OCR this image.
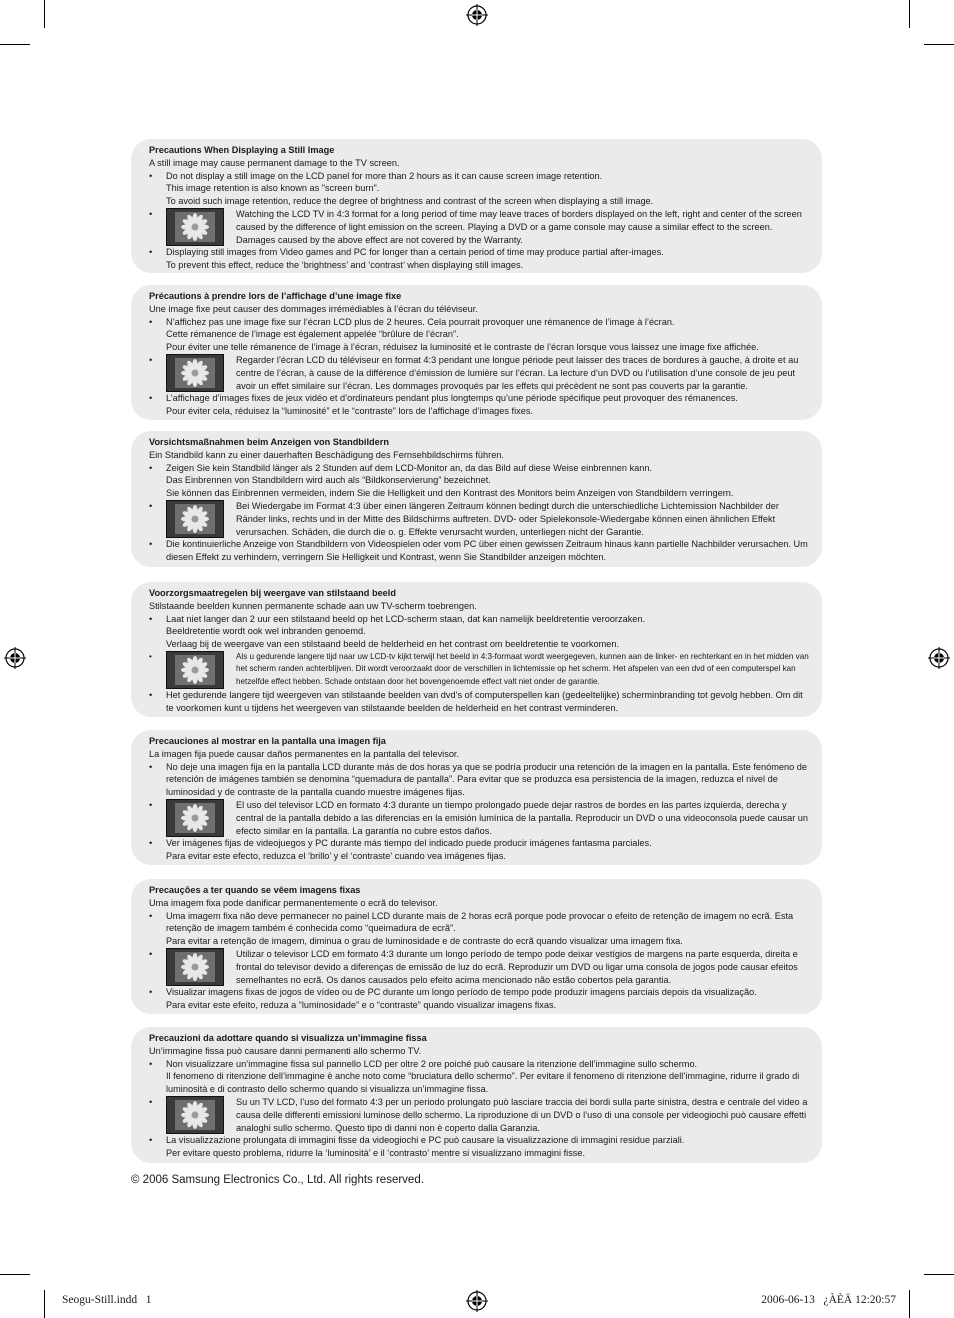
Precautions When Displaying a Still Image
A still image may cause permanent damage to the TV screen.
• Do not display a still image on the LCD panel for more than 2 hours as it can cause screen image retention.
This image retention is also known as "screen burn".
To avoid such image retention, reduce the degree of brightness and contrast of the screen when displaying a still image.
•	Watching the LCD TV in 4:3 format for a long period of time may leave traces of borders displayed on the left, right and center of the screen caused by the difference of light emission on the screen. Playing a DVD or a game console may cause a similar effect to the screen. Damages caused by the above effect are not covered by the Warranty.
• Displaying still images from Video games and PC for longer than a certain period of time may produce partial after-images.
To prevent this effect, reduce the ‘brightness’ and ‘contrast’ when displaying still images.
Précautions à prendre lors de l’affichage d’une image fixe
Une image fixe peut causer des dommages irrémédiables à l’écran du téléviseur.
• N’affichez pas une image fixe sur l’écran LCD plus de 2 heures. Cela pourrait provoquer une rémanence de l’image à l’écran.
Cette rémanence de l’image est également appelée “brûlure de l’écran”.
Pour éviter une telle rémanence de l’image à l’écran, réduisez la luminosité et le contraste de l’écran lorsque vous laissez une image fixe affichée.
•	Regarder l’écran LCD du téléviseur en format 4:3 pendant une longue période peut laisser des traces de bordures à gauche, à droite et au centre de l’écran, à cause de la différence d’émission de lumière sur l’écran. La lecture d’un DVD ou l’utilisation d’une console de jeu peut avoir un effet similaire sur l’écran. Les dommages provoqués par les effets qui précèdent ne sont pas couverts par la garantie.
• L’affichage d’images fixes de jeux vidéo et d’ordinateurs pendant plus longtemps qu’une période spécifique peut provoquer des rémanences.
Pour éviter cela, réduisez la “luminosité” et le “contraste” lors de l’affichage d’images fixes.
Vorsichtsmaßnahmen beim Anzeigen von Standbildern
Ein Standbild kann zu einer dauerhaften Beschädigung des Fernsehbildschirms führen.
• Zeigen Sie kein Standbild länger als 2 Stunden auf dem LCD-Monitor an, da das Bild auf diese Weise einbrennen kann.
Das Einbrennen von Standbildern wird auch als “Bildkonservierung” bezeichnet.
Sie können das Einbrennen vermeiden, indem Sie die Helligkeit und den Kontrast des Monitors beim Anzeigen von Standbildern verringern.
•	Bei Wiedergabe im Format 4:3 über einen längeren Zeitraum können bedingt durch die unterschiedliche Lichtemission Nachbilder der Ränder links, rechts und in der Mitte des Bildschirms auftreten. DVD- oder Spielekonsole-Wiedergabe können einen ähnlichen Effekt verursachen. Schäden, die durch die o. g. Effekte verursacht wurden, unterliegen nicht der Garantie.
• Die kontinuierliche Anzeige von Standbildern von Videospielen oder vom PC über einen gewissen Zeitraum hinaus kann partielle Nachbilder verursachen. Um diesen Effekt zu verhindern, verringern Sie Helligkeit und Kontrast, wenn Sie Standbilder anzeigen möchten.
Voorzorgsmaatregelen bij weergave van stilstaand beeld
Stilstaande beelden kunnen permanente schade aan uw TV-scherm toebrengen.
• Laat niet langer dan 2 uur een stilstaand beeld op het LCD-scherm staan, dat kan namelijk beeldretentie veroorzaken.
Beeldretentie wordt ook wel inbranden genoemd.
Verlaag bij de weergave van een stilstaand beeld de helderheid en het contrast om beeldretentie te voorkomen.
•	Als u gedurende langere tijd naar uw LCD-tv kijkt terwijl het beeld in 4:3-formaat wordt weergegeven, kunnen aan de linker- en rechterkant en in het midden van het scherm randen achterblijven. Dit wordt veroorzaakt door de verschillen in lichtemissie op het scherm. Het afspelen van een dvd of een computerspel kan hetzelfde effect hebben. Schade ontstaan door het bovengenoemde effect valt niet onder de garantie.
• Het gedurende langere tijd weergeven van stilstaande beelden van dvd’s of computerspellen kan (gedeeltelijke) scherminbranding tot gevolg hebben. Om dit te voorkomen kunt u tijdens het weergeven van stilstaande beelden de helderheid en het contrast verminderen.
Precauciones al mostrar en la pantalla una imagen fija
La imagen fija puede causar daños permanentes en la pantalla del televisor.
• No deje una imagen fija en la pantalla LCD durante más de dos horas ya que se podría producir una retención de la imagen en la pantalla. Este fenómeno de retención de imágenes también se denomina “quemadura de pantalla”. Para evitar que se produzca esa persistencia de la imagen, reduzca el nivel de luminosidad y de contraste de la pantalla cuando muestre imágenes fijas.
•	El uso del televisor LCD en formato 4:3 durante un tiempo prolongado puede dejar rastros de bordes en las partes izquierda, derecha y central de la pantalla debido a las diferencias en la emisión lumínica de la pantalla. Reproducir un DVD o una videoconsola puede causar un efecto similar en la pantalla. La garantía no cubre estos daños.
• Ver imágenes fijas de videojuegos y PC durante más tiempo del indicado puede producir imágenes fantasma parciales.
Para evitar este efecto, reduzca el ‘brillo’ y el ‘contraste’ cuando vea imágenes fijas.
Precauções a ter quando se vêem imagens fixas
Uma imagem fixa pode danificar permanentemente o ecrã do televisor.
• Uma imagem fixa não deve permanecer no painel LCD durante mais de 2 horas ecrã porque pode provocar o efeito de retenção de imagem no ecrã. Esta retenção de imagem também é conhecida como “queimadura de ecrã”.
Para evitar a retenção de imagem, diminua o grau de luminosidade e de contraste do ecrã quando visualizar uma imagem fixa.
•	Utilizar o televisor LCD em formato 4:3 durante um longo período de tempo pode deixar vestígios de margens na parte esquerda, direita e frontal do televisor devido a diferenças de emissão de luz do ecrã. Reproduzir um DVD ou ligar uma consola de jogos pode causar efeitos semelhantes no ecrã. Os danos causados pelo efeito acima mencionado não estão cobertos pela garantia.
• Visualizar imagens fixas de jogos de vídeo ou de PC durante um longo período de tempo pode produzir imagens parciais depois da visualização.
Para evitar este efeito, reduza a “luminosidade” e o “contraste” quando visualizar imagens fixas.
Precauzioni da adottare quando si visualizza un’immagine fissa
Un’immagine fissa può causare danni permanenti allo schermo TV.
• Non visualizzare un’immagine fissa sul pannello LCD per oltre 2 ore poiché può causare la ritenzione dell’immagine sullo schermo.
Il fenomeno di ritenzione dell’immagine è anche noto come “bruciatura dello schermo”. Per evitare il fenomeno di ritenzione dell’immagine, ridurre il grado di luminosità e di contrasto dello schermo quando si visualizza un’immagine fissa.
•	Su un TV LCD, l’uso del formato 4:3 per un periodo prolungato può lasciare traccia dei bordi sulla parte sinistra, destra e centrale del video a causa delle differenti emissioni luminose dello schermo. La riproduzione di un DVD o l’uso di una console per videogiochi può causare effetti analoghi sullo schermo. Questo tipo di danni non è coperto dalla Garanzia.
• La visualizzazione prolungata di immagini fisse da videogiochi e PC può causare la visualizzazione di immagini residue parziali.
Per evitare questo problema, ridurre la ‘luminosità’ e il ‘contrasto’ mentre si visualizzano immagini fisse.
© 2006 Samsung Electronics Co., Ltd. All rights reserved.
Seogu-Still.indd   1	2006-06-13   ¿ÀÈÄ 12:20:57
